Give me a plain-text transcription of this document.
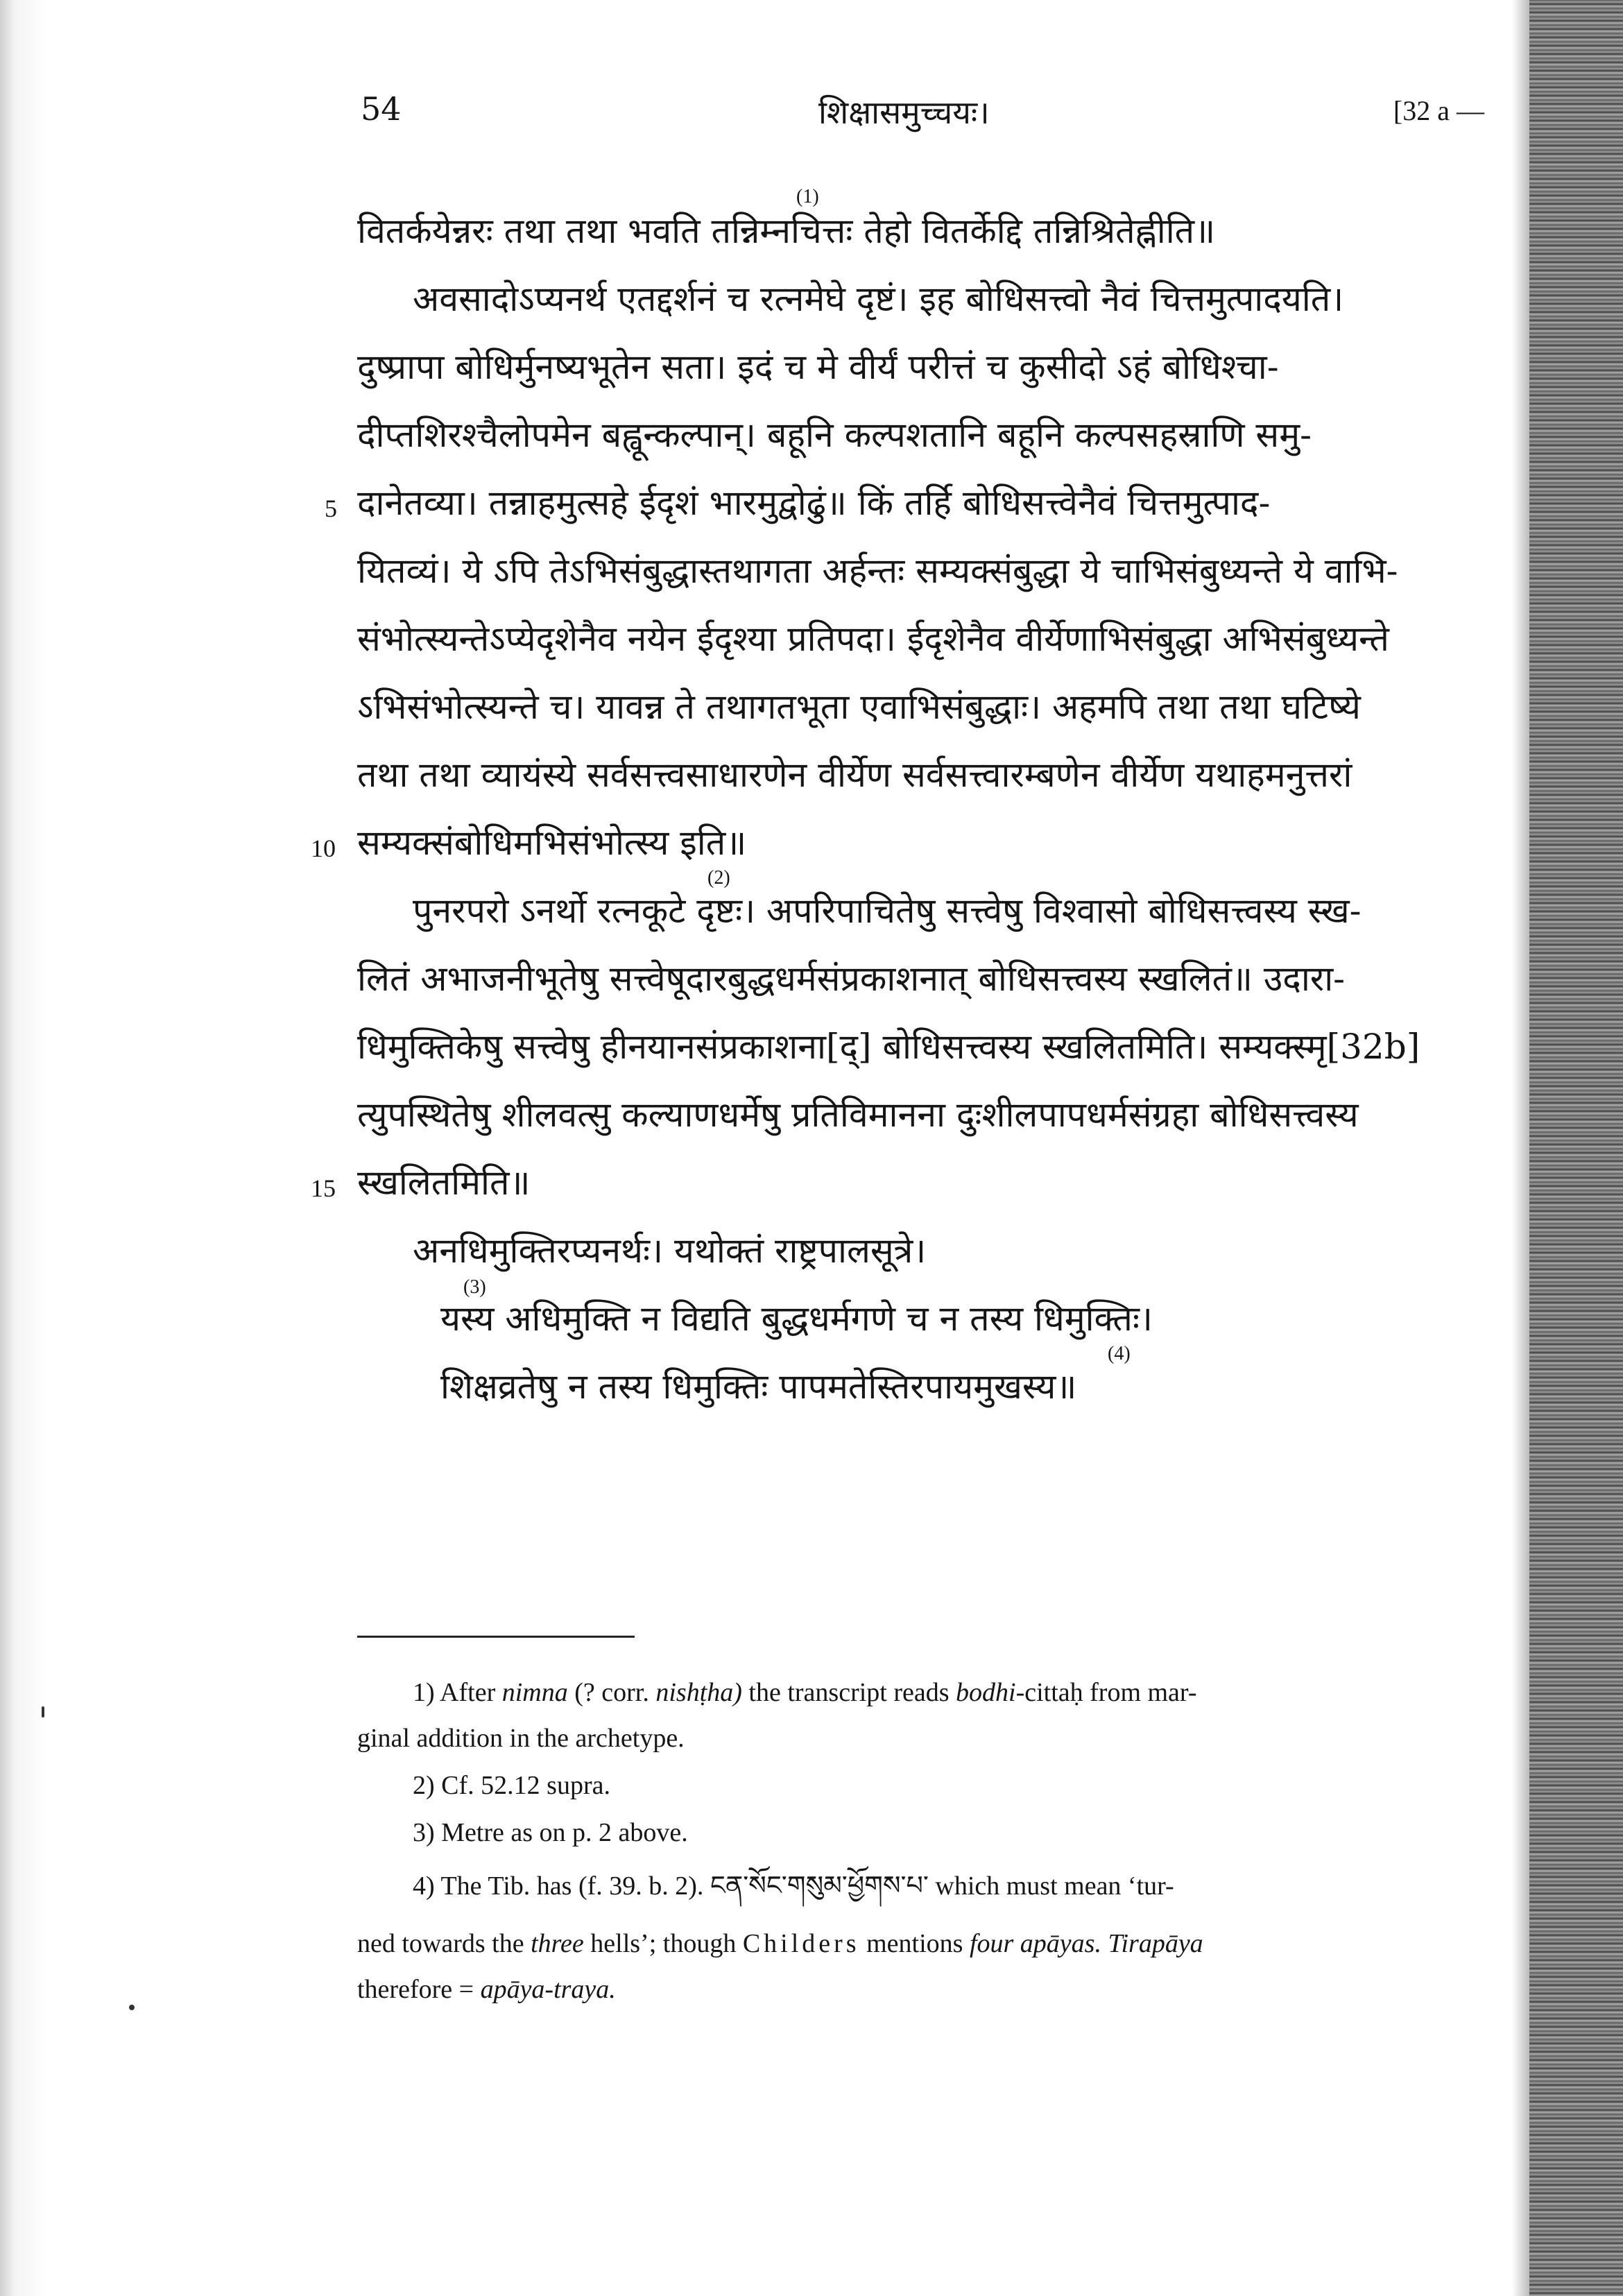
54	शिक्षासमुच्चयः।	[32 a —
वितर्कयेन्नरः तथा तथा भवति तन्निम्नचित्तः तेहो वितर्केद्दि तन्निश्रितेह्नीति॥
अवसादोऽप्यनर्थ एतद्दर्शनं च रत्नमेघे दृष्टं। इह बोधिसत्त्वो नैवं चित्तमुत्पादयति।
दुष्प्रापा बोधिर्मुनष्यभूतेन सता। इदं च मे वीर्यं परीत्तं च कुसीदो ऽहं बोधिश्चा-
दीप्तशिरश्चैलोपमेन बह्वून्कल्पान्। बहूनि कल्पशतानि बहूनि कल्पसहस्राणि समु-
दानेतव्या। तन्नाहमुत्सहे ईदृशं भारमुद्वोढुं॥ किं तर्हि बोधिसत्त्वेनैवं चित्तमुत्पाद-
यितव्यं। ये ऽपि तेऽभिसंबुद्धास्तथागता अर्हन्तः सम्यक्संबुद्धा ये चाभिसंबुध्यन्ते ये वाभि-
संभोत्स्यन्तेऽप्येदृशेनैव नयेन ईदृश्या प्रतिपदा। ईदृशेनैव वीर्येणाभिसंबुद्धा अभिसंबुध्यन्ते
ऽभिसंभोत्स्यन्ते च। यावन्न ते तथागतभूता एवाभिसंबुद्धाः। अहमपि तथा तथा घटिष्ये
तथा तथा व्यायंस्ये सर्वसत्त्वसाधारणेन वीर्येण सर्वसत्त्वारम्बणेन वीर्येण यथाहमनुत्तरां
सम्यक्संबोधिमभिसंभोत्स्य इति॥
पुनरपरो ऽनर्थो रत्नकूटे दृष्टः। अपरिपाचितेषु सत्त्वेषु विश्वासो बोधिसत्त्वस्य स्ख-
लितं अभाजनीभूतेषु सत्त्वेषूदारबुद्धधर्मसंप्रकाशनात् बोधिसत्त्वस्य स्खलितं॥ उदारा-
धिमुक्तिकेषु सत्त्वेषु हीनयानसंप्रकाशना[द्] बोधिसत्त्वस्य स्खलितमिति। सम्यक्स्मृ[32b]
त्युपस्थितेषु शीलवत्सु कल्याणधर्मेषु प्रतिविमानना दुःशीलपापधर्मसंग्रहा बोधिसत्त्वस्य
स्खलितमिति॥
अनधिमुक्तिरप्यनर्थः। यथोक्तं राष्ट्रपालसूत्रे।
यस्य अधिमुक्ति न विद्यति बुद्धधर्मगणे च न तस्य धिमुक्तिः।
शिक्षव्रतेषु न तस्य धिमुक्तिः पापमतेस्तिरपायमुखस्य॥
5
10
15
(1)
(2)
(3)
(4)
1) After nimna (? corr. nishṭha) the transcript reads bodhi-cittaḥ from mar-
ginal addition in the archetype.
2) Cf. 52.12 supra.
3) Metre as on p. 2 above.
4) The Tib. has (f. 39. b. 2). ངན་སོང་གསུམ་ཕྱོགས་པ་ which must mean ‘tur-
ned towards the three hells’; though Childers mentions four apāyas. Tirapāya
therefore = apāya-traya.
